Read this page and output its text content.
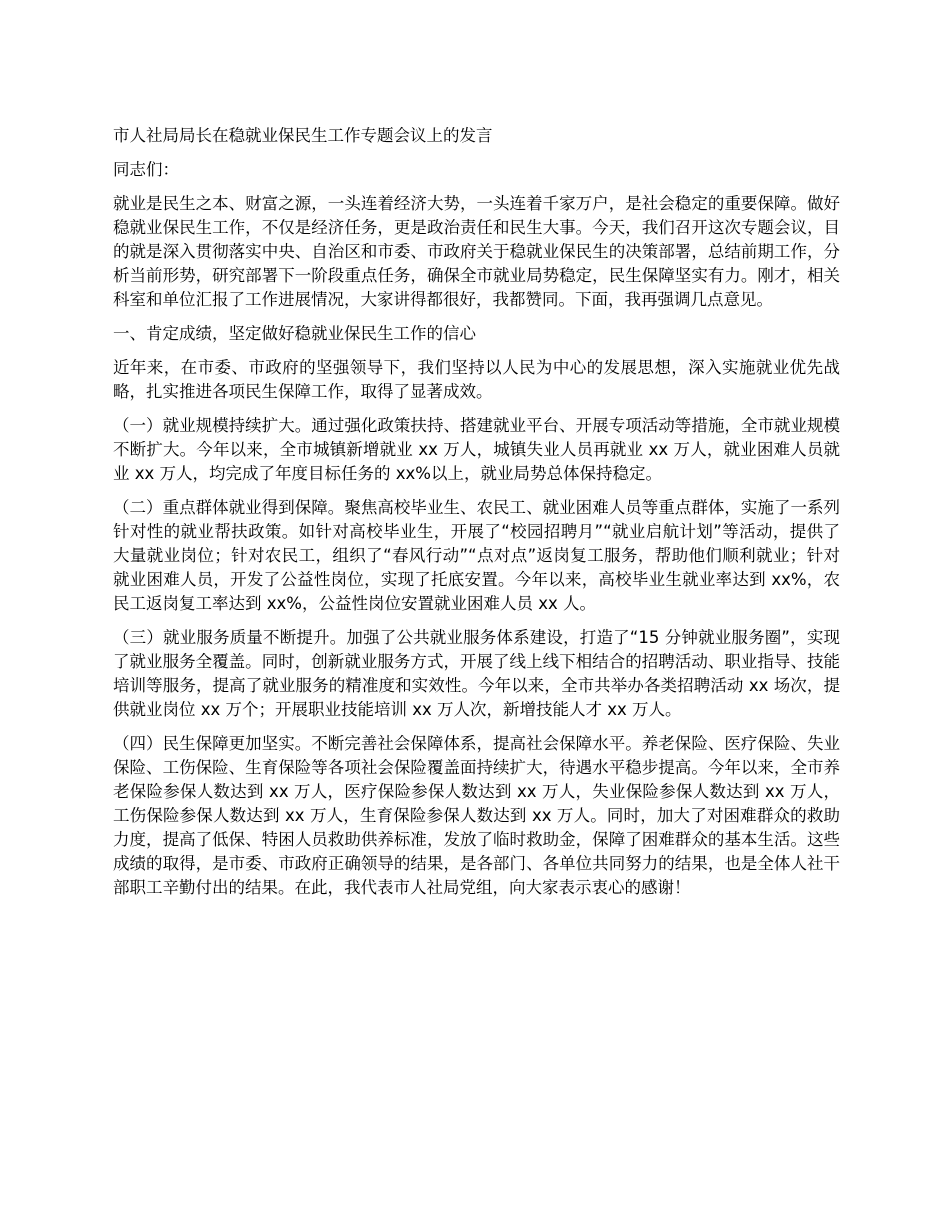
市人社局局长在稳就业保民生工作专题会议上的发言

同志们：

就业是民生之本、财富之源，一头连着经济大势，一头连着千家万户，是社会稳定的重要保障。做好稳就业保民生工作，不仅是经济任务，更是政治责任和民生大事。今天，我们召开这次专题会议，目的就是深入贯彻落实中央、自治区和市委、市政府关于稳就业保民生的决策部署，总结前期工作，分析当前形势，研究部署下一阶段重点任务，确保全市就业局势稳定，民生保障坚实有力。刚才，相关科室和单位汇报了工作进展情况，大家讲得都很好，我都赞同。下面，我再强调几点意见。

一、肯定成绩，坚定做好稳就业保民生工作的信心

近年来，在市委、市政府的坚强领导下，我们坚持以人民为中心的发展思想，深入实施就业优先战略，扎实推进各项民生保障工作，取得了显著成效。

（一）就业规模持续扩大。通过强化政策扶持、搭建就业平台、开展专项活动等措施，全市就业规模不断扩大。今年以来，全市城镇新增就业 xx 万人，城镇失业人员再就业 xx 万人，就业困难人员就业 xx 万人，均完成了年度目标任务的 xx%以上，就业局势总体保持稳定。

（二）重点群体就业得到保障。聚焦高校毕业生、农民工、就业困难人员等重点群体，实施了一系列针对性的就业帮扶政策。如针对高校毕业生，开展了“校园招聘月”“就业启航计划”等活动，提供了大量就业岗位；针对农民工，组织了“春风行动”“点对点”返岗复工服务，帮助他们顺利就业；针对就业困难人员，开发了公益性岗位，实现了托底安置。今年以来，高校毕业生就业率达到 xx%，农民工返岗复工率达到 xx%，公益性岗位安置就业困难人员 xx 人。

（三）就业服务质量不断提升。加强了公共就业服务体系建设，打造了“15 分钟就业服务圈”，实现了就业服务全覆盖。同时，创新就业服务方式，开展了线上线下相结合的招聘活动、职业指导、技能培训等服务，提高了就业服务的精准度和实效性。今年以来，全市共举办各类招聘活动 xx 场次，提供就业岗位 xx 万个；开展职业技能培训 xx 万人次，新增技能人才 xx 万人。

（四）民生保障更加坚实。不断完善社会保障体系，提高社会保障水平。养老保险、医疗保险、失业保险、工伤保险、生育保险等各项社会保险覆盖面持续扩大，待遇水平稳步提高。今年以来，全市养老保险参保人数达到 xx 万人，医疗保险参保人数达到 xx 万人，失业保险参保人数达到 xx 万人，工伤保险参保人数达到 xx 万人，生育保险参保人数达到 xx 万人。同时，加大了对困难群众的救助力度，提高了低保、特困人员救助供养标准，发放了临时救助金，保障了困难群众的基本生活。这些成绩的取得，是市委、市政府正确领导的结果，是各部门、各单位共同努力的结果，也是全体人社干部职工辛勤付出的结果。在此，我代表市人社局党组，向大家表示衷心的感谢！
